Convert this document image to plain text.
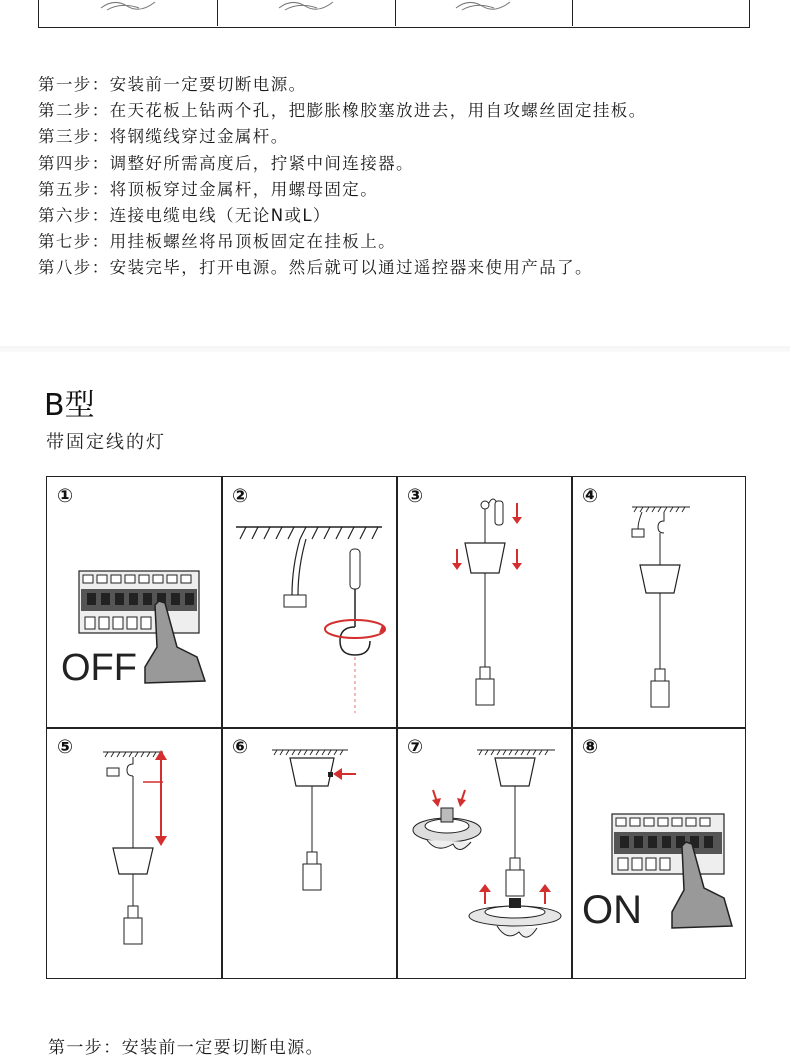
第一步：安装前一定要切断电源。
第二步：在天花板上钻两个孔，把膨胀橡胶塞放进去，用自攻螺丝固定挂板。
第三步：将钢缆线穿过金属杆。
第四步：调整好所需高度后，拧紧中间连接器。
第五步：将顶板穿过金属杆，用螺母固定。
第六步：连接电缆电线（无论N或L）
第七步：用挂板螺丝将吊顶板固定在挂板上。
第八步：安装完毕，打开电源。然后就可以通过遥控器来使用产品了。
B型

带固定线的灯

①
OFF
②	③	④
⑤	⑥	⑦	⑧
ON

第一步：安装前一定要切断电源。
